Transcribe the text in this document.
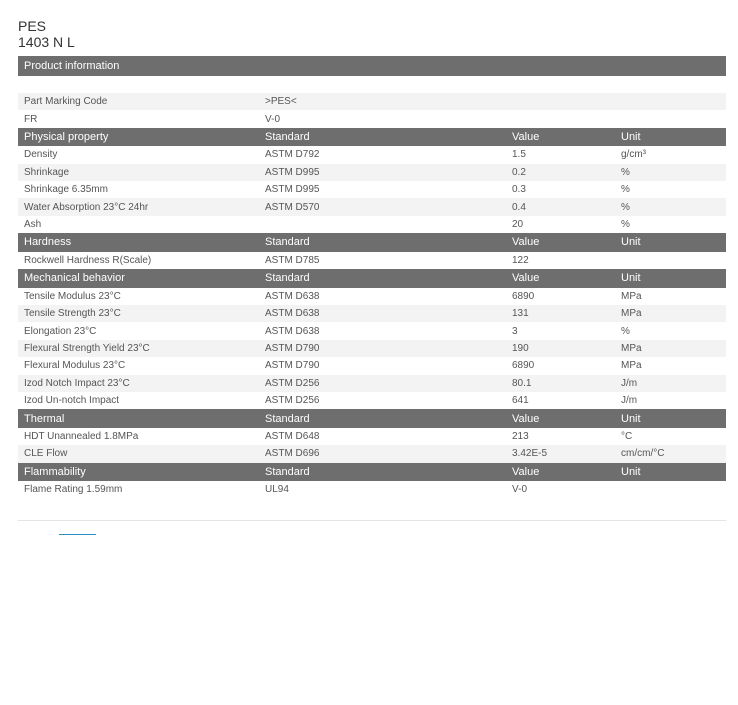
PES
1403 N L
Product information
Part Marking Code	>PES<		
FR	V-0		
Physical property	Standard	Value	Unit
Density	ASTM D792	1.5	g/cm³
Shrinkage	ASTM D995	0.2	%
Shrinkage 6.35mm	ASTM D995	0.3	%
Water Absorption 23°C 24hr	ASTM D570	0.4	%
Ash		20	%
Hardness	Standard	Value	Unit
Rockwell Hardness R(Scale)	ASTM D785	122	
Mechanical behavior	Standard	Value	Unit
Tensile Modulus 23°C	ASTM D638	6890	MPa
Tensile Strength 23°C	ASTM D638	131	MPa
Elongation 23°C	ASTM D638	3	%
Flexural Strength Yield 23°C	ASTM D790	190	MPa
Flexural Modulus 23°C	ASTM D790	6890	MPa
Izod Notch Impact 23°C	ASTM D256	80.1	J/m
Izod Un-notch Impact	ASTM D256	641	J/m
Thermal	Standard	Value	Unit
HDT Unannealed 1.8MPa	ASTM D648	213	°C
CLE Flow	ASTM D696	3.42E-5	cm/cm/°C
Flammability	Standard	Value	Unit
Flame Rating 1.59mm	UL94	V-0	
